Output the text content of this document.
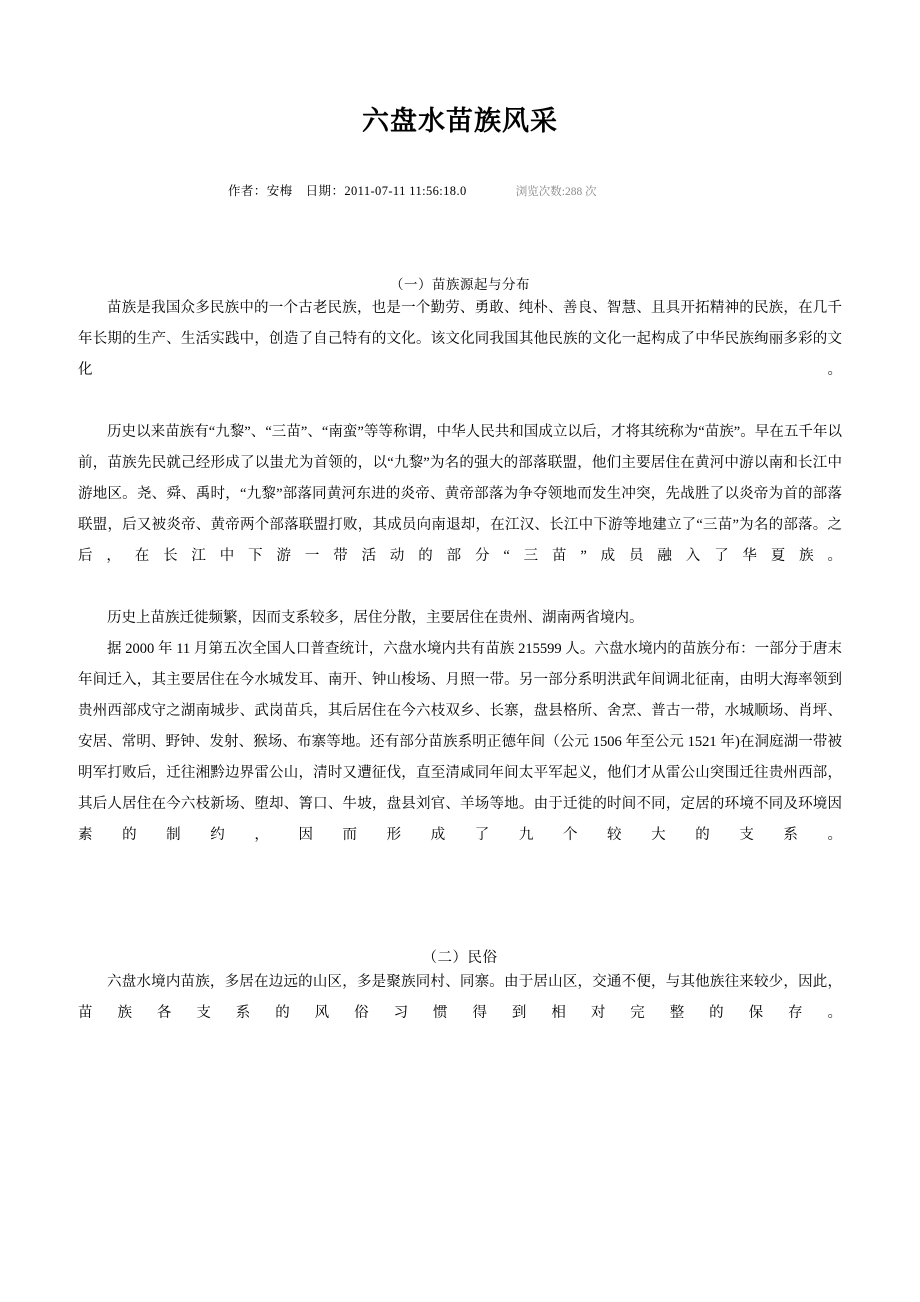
六盘水苗族风采
作者：安梅 日期：2011-07-11 11:56:18.0	浏览次数:288 次
（一）苗族源起与分布

苗族是我国众多民族中的一个古老民族，也是一个勤劳、勇敢、纯朴、善良、智慧、且具开拓精神的民族，在几千年长期的生产、生活实践中，创造了自己特有的文化。该文化同我国其他民族的文化一起构成了中华民族绚丽多彩的文化。

历史以来苗族有“九黎”、“三苗”、“南蛮”等等称谓，中华人民共和国成立以后，才将其统称为“苗族”。早在五千年以前，苗族先民就己经形成了以蚩尤为首领的，以“九黎”为名的强大的部落联盟，他们主要居住在黄河中游以南和长江中游地区。尧、舜、禹时，“九黎”部落同黄河东进的炎帝、黄帝部落为争夺领地而发生冲突，先战胜了以炎帝为首的部落联盟，后又被炎帝、黄帝两个部落联盟打败，其成员向南退却，在江汉、长江中下游等地建立了“三苗”为名的部落。之后，在长江中下游一带活动的部分“三苗”成员融入了华夏族。

历史上苗族迁徙频繁，因而支系较多，居住分散，主要居住在贵州、湖南两省境内。

据 2000 年 11 月第五次全国人口普查统计，六盘水境内共有苗族 215599 人。六盘水境内的苗族分布：一部分于唐末年间迁入，其主要居住在今水城发耳、南开、钟山梭场、月照一带。另一部分系明洪武年间调北征南，由明大海率领到贵州西部戍守之湖南城步、武岗苗兵，其后居住在今六枝双乡、长寨，盘县格所、舍烹、普古一带，水城顺场、肖坪、安居、常明、野钟、发射、猴场、布寨等地。还有部分苗族系明正德年间（公元 1506 年至公元 1521 年)在洞庭湖一带被明军打败后，迁往湘黔边界雷公山，清时又遭征伐，直至清咸同年间太平军起义，他们才从雷公山突围迁往贵州西部，其后人居住在今六枝新场、堕却、箐口、牛坡，盘县刘官、羊场等地。由于迁徙的时间不同，定居的环境不同及环境因素的制约，因而形成了九个较大的支系。

（二）民俗

六盘水境内苗族，多居在边远的山区，多是聚族同村、同寨。由于居山区，交通不便，与其他族往来较少，因此，苗族各支系的风俗习惯得到相对完整的保存。
